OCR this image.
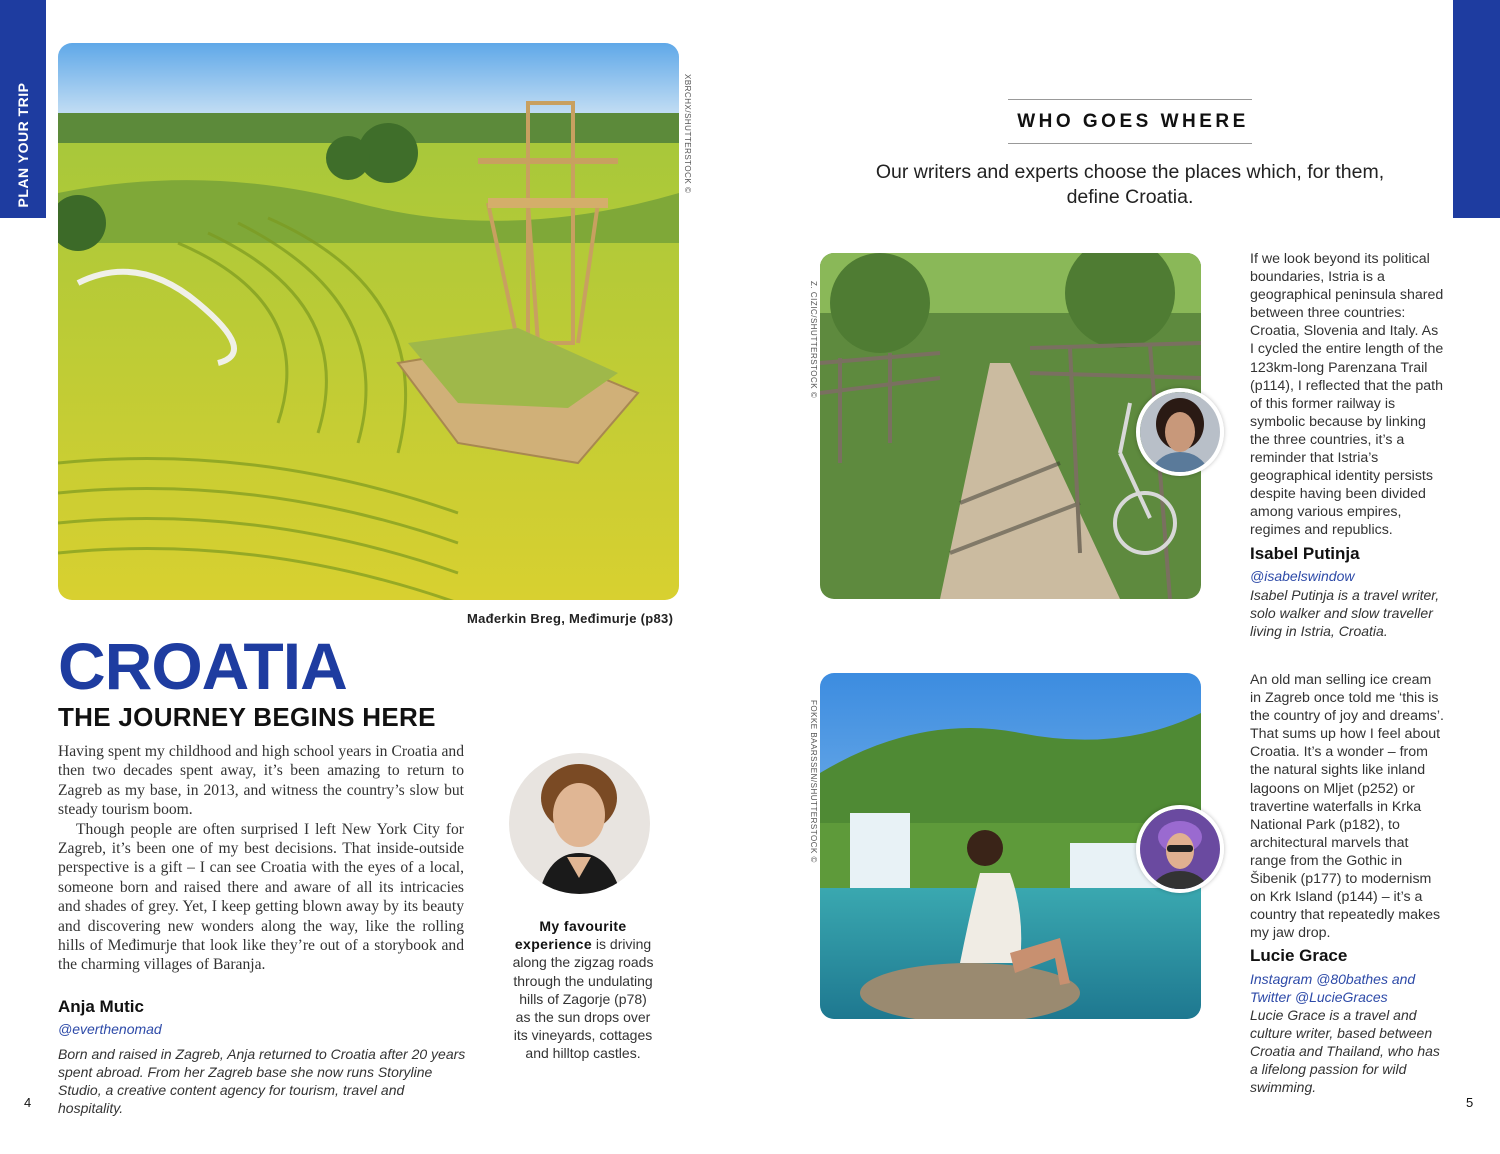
PLAN YOUR TRIP	XBRCHX/SHUTTERSTOCK ©
Mađerkin Breg, Međimurje (p83)
CROATIA
THE JOURNEY BEGINS HERE

Having spent my childhood and high school years in Croatia and then two decades spent away, it’s been amazing to return to Zagreb as my base, in 2013, and witness the country’s slow but steady tourism boom.

Though people are often surprised I left New York City for Zagreb, it’s been one of my best decisions. That inside-outside perspective is a gift – I can see Croatia with the eyes of a local, someone born and raised there and aware of all its intricacies and shades of grey. Yet, I keep getting blown away by its beauty and discovering new wonders along the way, like the rolling hills of Međimurje that look like they’re out of a storybook and the charming villages of Baranja.

Anja Mutic
@everthenomad
Born and raised in Zagreb, Anja returned to Croatia after 20 years spent abroad. From her Zagreb base she now runs Storyline Studio, a creative content agency for tourism, travel and hospitality.
My favourite experience is driving along the zigzag roads through the undulating hills of Zagorje (p78) as the sun drops over its vineyards, cottages and hilltop castles.
4
WHO GOES WHERE
Our writers and experts choose the places which, for them, define Croatia.
Z. CIZIC/SHUTTERSTOCK ©
If we look beyond its political boundaries, Istria is a geographical peninsula shared between three countries: Croatia, Slovenia and Italy. As I cycled the entire length of the 123km-long Parenzana Trail (p114), I reflected that the path of this former railway is symbolic because by linking the three countries, it’s a reminder that Istria’s geographical identity persists despite having been divided among various empires, regimes and republics.
Isabel Putinja
@isabelswindow
Isabel Putinja is a travel writer, solo walker and slow traveller living in Istria, Croatia.
FOKKE BAARSSEN/SHUTTERSTOCK ©
An old man selling ice cream in Zagreb once told me ‘this is the country of joy and dreams’. That sums up how I feel about Croatia. It’s a wonder – from the natural sights like inland lagoons on Mljet (p252) or travertine waterfalls in Krka National Park (p182), to architectural marvels that range from the Gothic in Šibenik (p177) to modernism on Krk Island (p144) – it’s a country that repeatedly makes my jaw drop.
Lucie Grace
Instagram @80bathes and Twitter @LucieGraces
Lucie Grace is a travel and culture writer, based between Croatia and Thailand, who has a lifelong passion for wild swimming.
5
